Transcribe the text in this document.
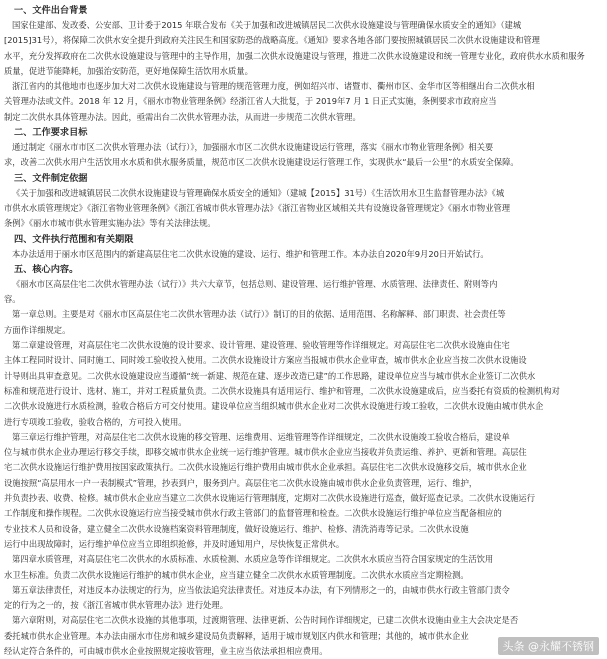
一、文件出台背景
国家住建部、发改委、公安部、卫计委于2015 年联合发布《关于加强和改进城镇居民二次供水设施建设与管理确保水质安全的通知》（建城
[2015]31号），将保障二次供水安全提升到政府关注民生和国家防恐的战略高度。《通知》要求各地各部门要按照城镇居民二次供水设施建设和管理
水平，充分发挥政府在二次供水设施建设与管理中的主导作用，加强二次供水设施建设与管理，推进二次供水设施建设和统一管理专业化，政府供水水质和服务
质量，促进节能降耗，加强治安防范，更好地保障生活饮用水质量。
浙江省内的其他地市也逐步加大对二次供水设施建设与管理的规范管理力度，例如绍兴市、诸暨市、衢州市区、金华市区等相继出台二次供水相
关管理办法或文件。2018 年 12 月，《丽水市物业管理条例》经浙江省人大批复，于 2019年7 月 1 日正式实施，条例要求市政府应当
制定二次供水具体管理办法。因此，亟需出台二次供水管理办法，从而进一步规范二次供水管理。
二、工作要求目标
通过制定《丽水市市区二次供水管理办法（试行）》，加强丽水市区二次供水设施建设运行管理，落实《丽水市物业管理条例》相关要
求，改善二次供水用户生活饮用水水质和供水服务质量，规范市区二次供水设施建设运行管理工作，实现供水“最后一公里”的水质安全保障。
三、文件制定依据
《关于加强和改进城镇居民二次供水设施建设与管理确保水质安全的通知》（建城【2015】31号）《生活饮用水卫生监督管理办法》《城
市供水水质管理规定》《浙江省物业管理条例》《浙江省城市供水管理办法》《浙江省物业区域相关共有设施设备管理规定》《丽水市物业管理
条例》《丽水市城市供水管理实施办法》等有关法律法规。
四、文件执行范围和有关期限
本办法适用于丽水市区范围内的新建高层住宅二次供水设施的建设、运行、维护和管理工作。本办法自2020年9月20日开始试行。
五、核心内容。
《丽水市区高层住宅二次供水管理办法（试行）》共六大章节，包括总则、建设管理、运行维护管理、水质管理、法律责任、附则等内
容。
第一章总则。主要是对《丽水市区高层住宅二次供水管理办法（试行）》制订的目的依据、适用范围、名称解释、部门职责、社会责任等
方面作详细规定。
第二章建设管理，对高层住宅二次供水设施的设计要求、设计管理、建设管理、验收管理等作详细规定。对高层住宅二次供水设施由住宅
主体工程同时设计、同时施工、同时竣工验收投入使用。二次供水设施设计方案应当报城市供水企业审查，城市供水企业应当按二次供水设施设
计导则出具审查意见。二次供水设施建设应当遵循“统一新建、规范在建、逐步改造已建”的工作思路，建设单位应当与城市供水企业签订二次供水
标准和规范进行设计、选材、施工，并对工程质量负责。二次供水设施具有适用运行、维护和管理，二次供水设施建成后，应当委托有资质的检测机构对
二次供水设施进行水质检测，验收合格后方可交付使用。建设单位应当组织城市供水企业对二次供水设施进行竣工验收，二次供水设施由城市供水企
进行专项竣工验收，验收合格的，方可投入使用。
第三章运行维护管理，对高层住宅二次供水设施的移交管理、运维费用、运维管理等作详细规定，二次供水设施竣工验收合格后，建设单
位与城市供水企业办理运行移交手续，即移交城市供水企业统一运行维护管理。城市供水企业应当接收并负责运维、养护、更新和管理。高层住
宅二次供水设施运行维护费用按国家政策执行。二次供水设施运行维护费用由城市供水企业承担。高层住宅二次供水设施移交后，城市供水企业
设施按照“高层用水一户一表制模式”管理，抄表到户，服务到户。高层住宅二次供水设施由城市供水企业负责管理，运行、维护，
并负责抄表、收费、检修。城市供水企业应当建立二次供水设施运行管理制度，定期对二次供水设施进行巡查，做好巡查记录。二次供水设施运行
工作制度和操作规程。二次供水设施运行应当接受城市供水行政主管部门的监督管理和检查。二次供水设施运行维护单位应当配备相应的
专业技术人员和设备，建立健全二次供水设施档案资料管理制度，做好设施运行、维护、检修、清洗消毒等记录。二次供水设施
运行中出现故障时，运行维护单位应当立即组织抢修，并及时通知用户，尽快恢复正常供水。
第四章水质管理，对高层住宅二次供水的水质标准、水质检测、水质应急等作详细规定。二次供水水质应当符合国家规定的生活饮用
水卫生标准。负责二次供水设施运行维护的城市供水企业，应当建立健全二次供水水质管理制度。二次供水水质应当定期检测。
第五章法律责任，对违反本办法规定的行为，应当依法追究法律责任。对违反本办法，有下列情形之一的，由城市供水行政主管部门责令
定的行为之一的，按《浙江省城市供水管理办法》进行处理。
第六章附则，对高层住宅二次供水设施的其他事项，过渡期管理、法律更新、公告时间作详细规定，已建二次供水设施由业主大会决定是否
委托城市供水企业管理。本办法由丽水市住房和城乡建设局负责解释，适用于城市规划区内供水和管理；其他的，城市供水企业
经认定符合条件的，可由城市供水企业按照规定接收管理，业主应当依法承担相应费用。	头条 @永耀不锈钢
